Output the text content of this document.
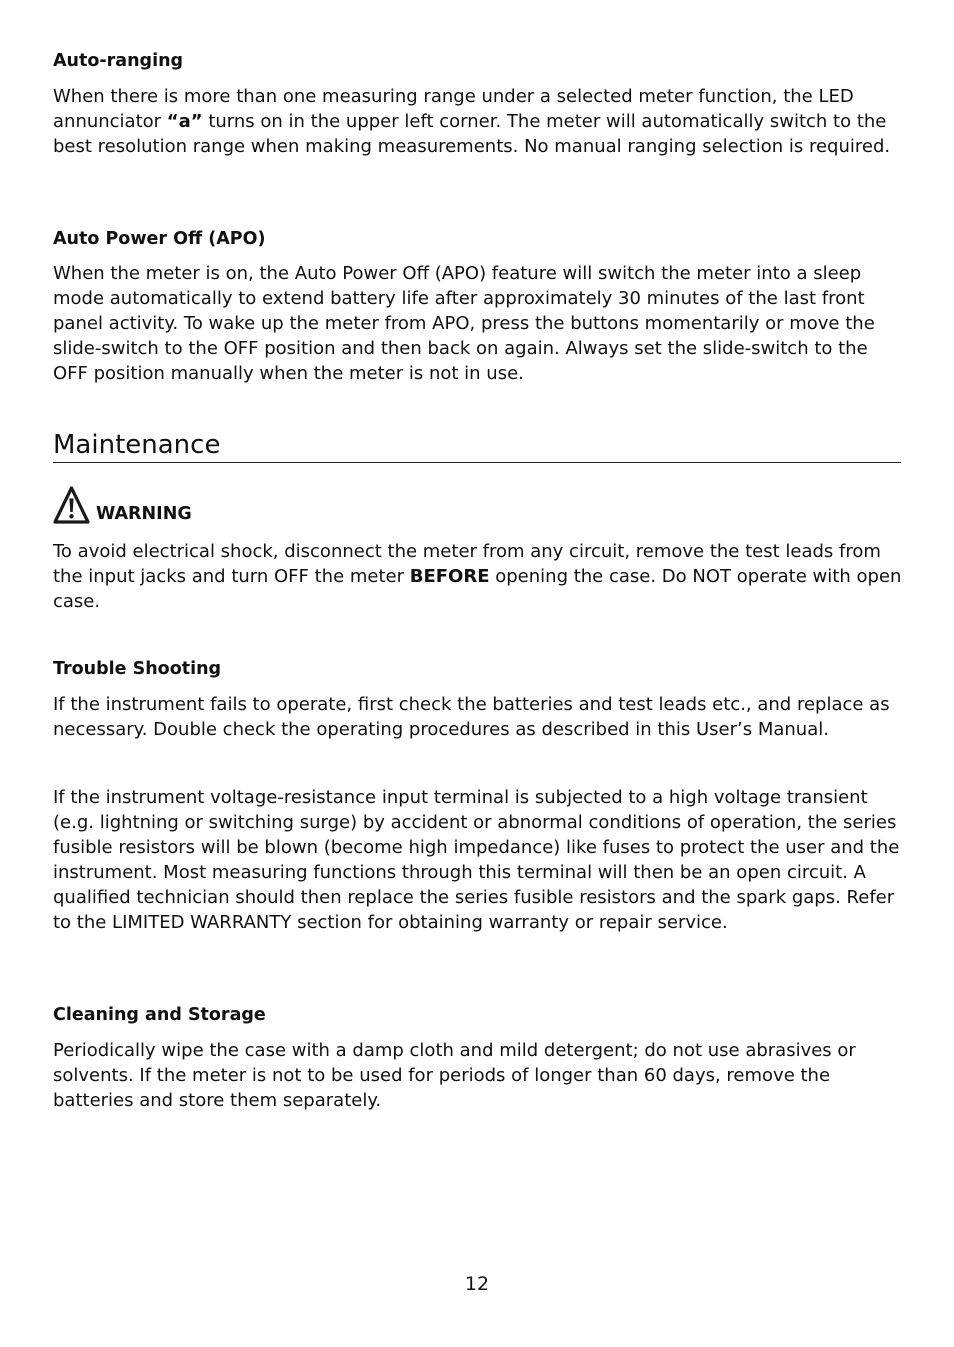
Auto-ranging

When there is more than one measuring range under a selected meter function, the LED annunciator “a” turns on in the upper left corner. The meter will automatically switch to the best resolution range when making measurements. No manual ranging selection is required.

Auto Power Off (APO)

When the meter is on, the Auto Power Off (APO) feature will switch the meter into a sleep mode automatically to extend battery life after approximately 30 minutes of the last front panel activity. To wake up the meter from APO, press the buttons momentarily or move the slide-switch to the OFF position and then back on again. Always set the slide-switch to the OFF position manually when the meter is not in use.

Maintenance
WARNING

To avoid electrical shock, disconnect the meter from any circuit, remove the test leads from the input jacks and turn OFF the meter BEFORE opening the case. Do NOT operate with open case.

Trouble Shooting

If the instrument fails to operate, first check the batteries and test leads etc., and replace as necessary. Double check the operating procedures as described in this User’s Manual.

If the instrument voltage-resistance input terminal is subjected to a high voltage transient (e.g. lightning or switching surge) by accident or abnormal conditions of operation, the series fusible resistors will be blown (become high impedance) like fuses to protect the user and the instrument. Most measuring functions through this terminal will then be an open circuit. A qualified technician should then replace the series fusible resistors and the spark gaps. Refer to the LIMITED WARRANTY section for obtaining warranty or repair service.

Cleaning and Storage

Periodically wipe the case with a damp cloth and mild detergent; do not use abrasives or solvents. If the meter is not to be used for periods of longer than 60 days, remove the batteries and store them separately.

12
